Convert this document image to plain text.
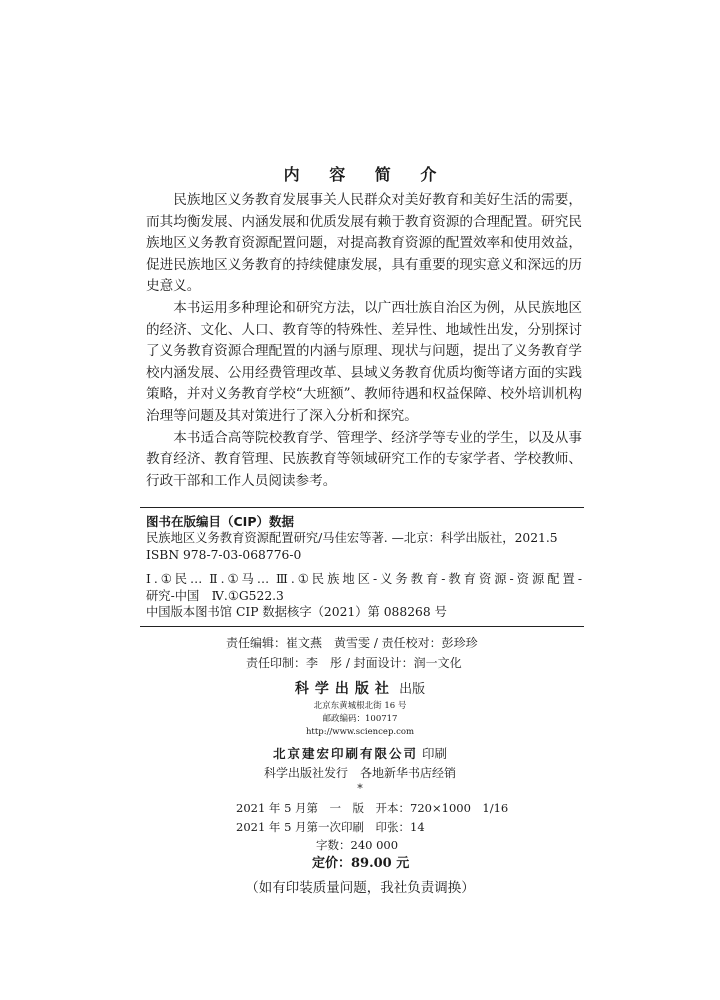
内 容 简 介

民族地区义务教育发展事关人民群众对美好教育和美好生活的需要，而其均衡发展、内涵发展和优质发展有赖于教育资源的合理配置。研究民族地区义务教育资源配置问题，对提高教育资源的配置效率和使用效益，促进民族地区义务教育的持续健康发展，具有重要的现实意义和深远的历史意义。

本书运用多种理论和研究方法，以广西壮族自治区为例，从民族地区的经济、文化、人口、教育等的特殊性、差异性、地域性出发，分别探讨了义务教育资源合理配置的内涵与原理、现状与问题，提出了义务教育学校内涵发展、公用经费管理改革、县域义务教育优质均衡等诸方面的实践策略，并对义务教育学校“大班额”、教师待遇和权益保障、校外培训机构治理等问题及其对策进行了深入分析和探究。

本书适合高等院校教育学、管理学、经济学等专业的学生，以及从事教育经济、教育管理、民族教育等领域研究工作的专家学者、学校教师、行政干部和工作人员阅读参考。

图书在版编目（CIP）数据
民族地区义务教育资源配置研究/马佳宏等著. —北京：科学出版社，2021.5
ISBN 978-7-03-068776-0
Ⅰ.①民… Ⅱ.①马… Ⅲ.①民族地区-义务教育-教育资源-资源配置-
研究-中国　Ⅳ.①G522.3
中国版本图书馆 CIP 数据核字（2021）第 088268 号
责任编辑：崔文燕　黄雪雯 / 责任校对：彭珍珍
责任印制：李　彤 / 封面设计：润一文化
科学出版社 出版
北京东黄城根北街 16 号
邮政编码：100717
http://www.sciencep.com
北京建宏印刷有限公司 印刷
科学出版社发行　各地新华书店经销
*
2021 年 5 月第　一　版　开本：720×1000　1/16
2021 年 5 月第一次印刷　印张：14
字数：240 000
定价：89.00 元
（如有印装质量问题，我社负责调换）
